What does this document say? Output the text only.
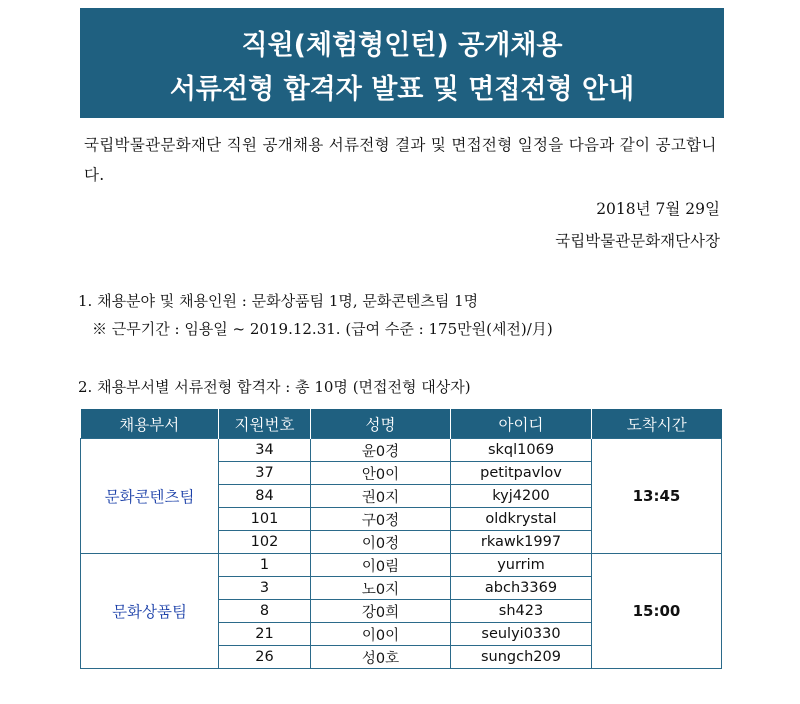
직원(체험형인턴) 공개채용
서류전형 합격자 발표 및 면접전형 안내
국립박물관문화재단 직원 공개채용 서류전형 결과 및 면접전형 일정을 다음과 같이 공고합니다.
2018년 7월 29일
국립박물관문화재단사장
1. 채용분야 및 채용인원 : 문화상품팀 1명, 문화콘텐츠팀 1명
※ 근무기간 : 임용일 ~ 2019.12.31. (급여 수준 : 175만원(세전)/月)
2. 채용부서별 서류전형 합격자 : 총 10명 (면접전형 대상자)
채용부서	지원번호	성명	아이디	도착시간
문화콘텐츠팀	34	윤0경	skql1069	13:45
	37	안0이	petitpavlov	
	84	권0지	kyj4200	
	101	구0정	oldkrystal	
	102	이0정	rkawk1997	
문화상품팀	1	이0림	yurrim	15:00
	3	노0지	abch3369	
	8	강0희	sh423	
	21	이0이	seulyi0330	
	26	성0호	sungch209	
